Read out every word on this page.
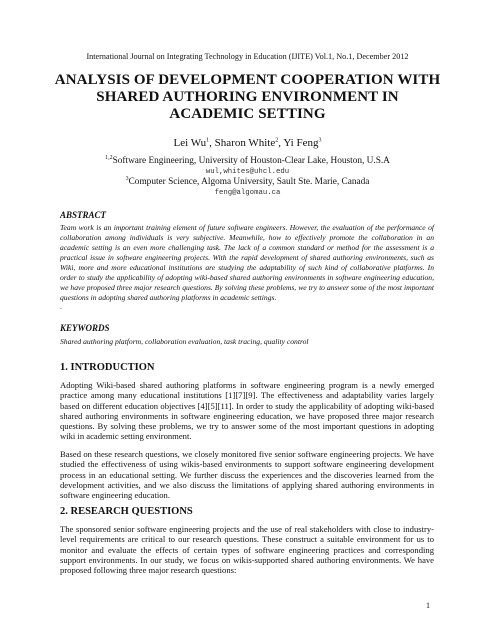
International Journal on Integrating Technology in Education (IJITE) Vol.1, No.1, December 2012
ANALYSIS OF DEVELOPMENT COOPERATION WITH
SHARED AUTHORING ENVIRONMENT IN
ACADEMIC SETTING
Lei Wu$^1$, Sharon White$^2$, Yi Feng$^3$
$^{1,2}$Software Engineering, University of Houston-Clear Lake, Houston, U.S.A
wul,whites@uhcl.edu
$^3$Computer Science, Algoma University, Sault Ste. Marie, Canada
feng@algomau.ca
ABSTRACT
Team work is an important training element of future software engineers. However, the evaluation of the performance of collaboration among individuals is very subjective. Meanwhile, how to effectively promote the collaboration in an academic setting is an even more challenging task. The lack of a common standard or method for the assessment is a practical issue in software engineering projects. With the rapid development of shared authoring environments, such as Wiki, more and more educational institutions are studying the adaptability of such kind of collaborative platforms. In order to study the applicability of adopting wiki-based shared authoring environments in software engineering education, we have proposed three major research questions. By solving these problems, we try to answer some of the most important questions in adopting shared authoring platforms in academic settings.
.
KEYWORDS
Shared authoring platform, collaboration evaluation, task tracing, quality control
1. INTRODUCTION
Adopting Wiki-based shared authoring platforms in software engineering program is a newly emerged practice among many educational institutions [1][7][9]. The effectiveness and adaptability varies largely based on different education objectives [4][5][11]. In order to study the applicability of adopting wiki-based shared authoring environments in software engineering education, we have proposed three major research questions. By solving these problems, we try to answer some of the most important questions in adopting wiki in academic setting environment.
Based on these research questions, we closely monitored five senior software engineering projects. We have studied the effectiveness of using wikis-based environments to support software engineering development process in an educational setting. We further discuss the experiences and the discoveries learned from the development activities, and we also discuss the limitations of applying shared authoring environments in software engineering education.
2. RESEARCH QUESTIONS
The sponsored senior software engineering projects and the use of real stakeholders with close to industry-level requirements are critical to our research questions. These construct a suitable environment for us to monitor and evaluate the effects of certain types of software engineering practices and corresponding support environments. In our study, we focus on wikis-supported shared authoring environments. We have proposed following three major research questions:
1
